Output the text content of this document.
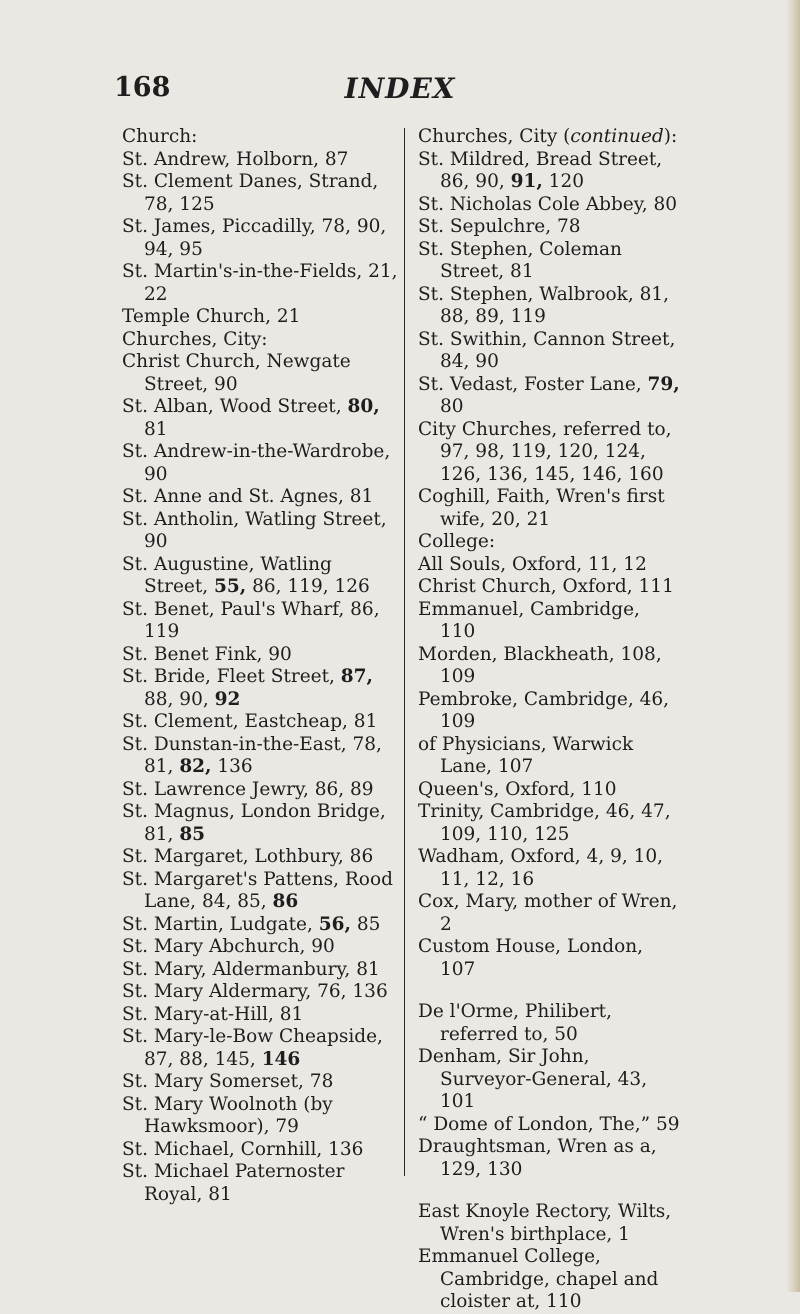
168	INDEX

Church:

St. Andrew, Holborn, 87

St. Clement Danes, Strand, 78, 125

St. James, Piccadilly, 78, 90, 94, 95

St. Martin's-in-the-Fields, 21, 22

Temple Church, 21

Churches, City:

Christ Church, Newgate Street, 90

St. Alban, Wood Street, 80, 81

St. Andrew-in-the-Wardrobe, 90

St. Anne and St. Agnes, 81

St. Antholin, Watling Street, 90

St. Augustine, Watling Street, 55, 86, 119, 126

St. Benet, Paul's Wharf, 86, 119

St. Benet Fink, 90

St. Bride, Fleet Street, 87, 88, 90, 92

St. Clement, Eastcheap, 81

St. Dunstan-in-the-East, 78, 81, 82, 136

St. Lawrence Jewry, 86, 89

St. Magnus, London Bridge, 81, 85

St. Margaret, Lothbury, 86

St. Margaret's Pattens, Rood Lane, 84, 85, 86

St. Martin, Ludgate, 56, 85

St. Mary Abchurch, 90

St. Mary, Aldermanbury, 81

St. Mary Aldermary, 76, 136

St. Mary-at-Hill, 81

St. Mary-le-Bow Cheapside, 87, 88, 145, 146

St. Mary Somerset, 78

St. Mary Woolnoth (by Hawksmoor), 79

St. Michael, Cornhill, 136

St. Michael Paternoster Royal, 81

Churches, City (continued):

St. Mildred, Bread Street, 86, 90, 91, 120

St. Nicholas Cole Abbey, 80

St. Sepulchre, 78

St. Stephen, Coleman Street, 81

St. Stephen, Walbrook, 81, 88, 89, 119

St. Swithin, Cannon Street, 84, 90

St. Vedast, Foster Lane, 79, 80

City Churches, referred to, 97, 98, 119, 120, 124, 126, 136, 145, 146, 160

Coghill, Faith, Wren's first wife, 20, 21

College:

All Souls, Oxford, 11, 12

Christ Church, Oxford, 111

Emmanuel, Cambridge, 110

Morden, Blackheath, 108, 109

Pembroke, Cambridge, 46, 109

of Physicians, Warwick Lane, 107

Queen's, Oxford, 110

Trinity, Cambridge, 46, 47, 109, 110, 125

Wadham, Oxford, 4, 9, 10, 11, 12, 16

Cox, Mary, mother of Wren, 2

Custom House, London, 107

De l'Orme, Philibert, referred to, 50

Denham, Sir John, Surveyor-General, 43, 101

“ Dome of London, The,” 59

Draughtsman, Wren as a, 129, 130

East Knoyle Rectory, Wilts, Wren's birthplace, 1

Emmanuel College, Cambridge, chapel and cloister at, 110
